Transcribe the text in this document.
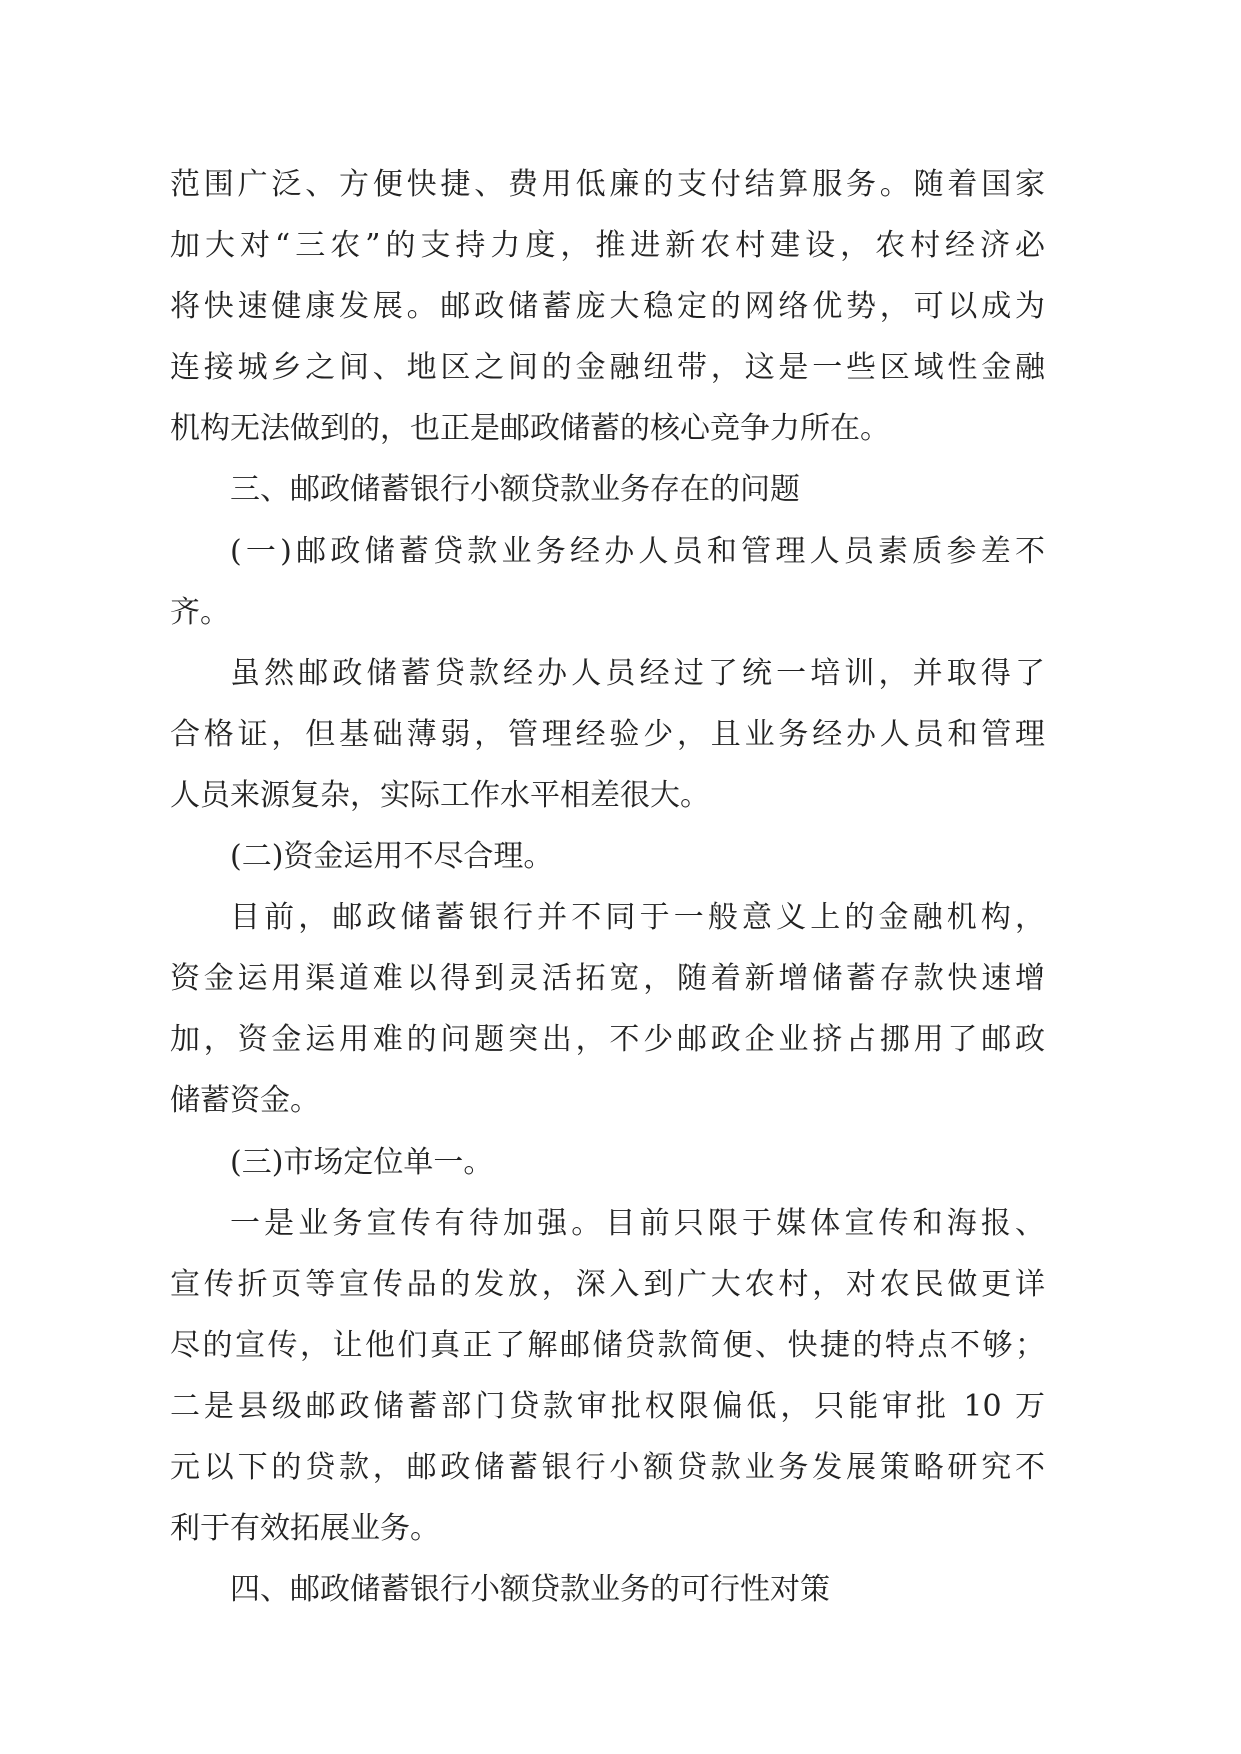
范围广泛、方便快捷、费用低廉的支付结算服务。随着国家
加大对“三农”的支持力度，推进新农村建设，农村经济必
将快速健康发展。邮政储蓄庞大稳定的网络优势，可以成为
连接城乡之间、地区之间的金融纽带，这是一些区域性金融
机构无法做到的，也正是邮政储蓄的核心竞争力所在。
三、邮政储蓄银行小额贷款业务存在的问题
(一)邮政储蓄贷款业务经办人员和管理人员素质参差不
齐。
虽然邮政储蓄贷款经办人员经过了统一培训，并取得了
合格证，但基础薄弱，管理经验少，且业务经办人员和管理
人员来源复杂，实际工作水平相差很大。
(二)资金运用不尽合理。
目前，邮政储蓄银行并不同于一般意义上的金融机构，
资金运用渠道难以得到灵活拓宽，随着新增储蓄存款快速增
加，资金运用难的问题突出，不少邮政企业挤占挪用了邮政
储蓄资金。
(三)市场定位单一。
一是业务宣传有待加强。目前只限于媒体宣传和海报、
宣传折页等宣传品的发放，深入到广大农村，对农民做更详
尽的宣传，让他们真正了解邮储贷款简便、快捷的特点不够；
二是县级邮政储蓄部门贷款审批权限偏低，只能审批 10 万
元以下的贷款，邮政储蓄银行小额贷款业务发展策略研究不
利于有效拓展业务。
四、邮政储蓄银行小额贷款业务的可行性对策
